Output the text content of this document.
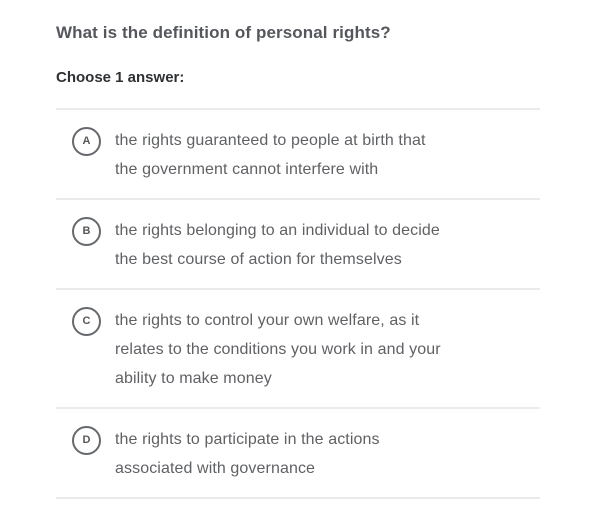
What is the definition of personal rights?
Choose 1 answer:
A the rights guaranteed to people at birth that
the government cannot interfere with
B the rights belonging to an individual to decide
the best course of action for themselves
C the rights to control your own welfare, as it
relates to the conditions you work in and your
ability to make money
D the rights to participate in the actions
associated with governance
